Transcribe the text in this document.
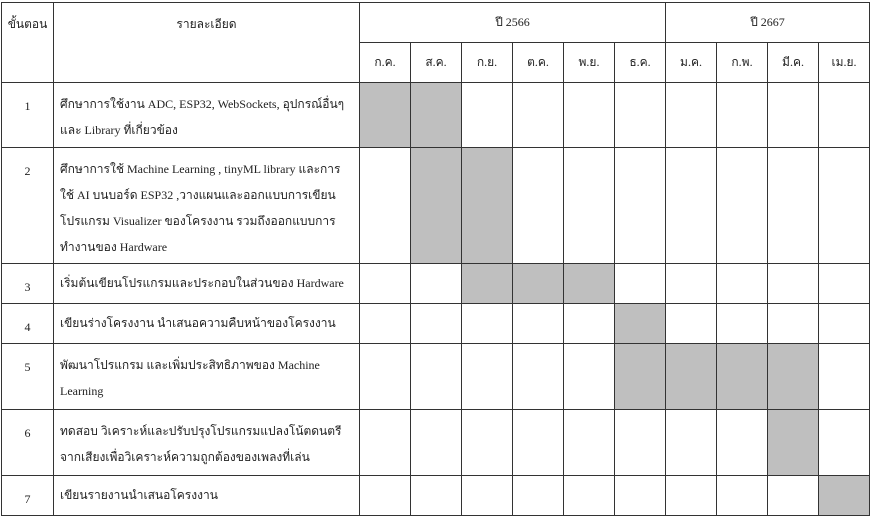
ขั้นตอน	รายละเอียด	ปี 2566						ปี 2667			
		ก.ค.	ส.ค.	ก.ย.	ต.ค.	พ.ย.	ธ.ค.	ม.ค.	ก.พ.	มี.ค.	เม.ย.
1	ศึกษาการใช้งาน ADC, ESP32, WebSockets, อุปกรณ์อื่นๆ และ Library ที่เกี่ยวข้อง										
2	ศึกษาการใช้ Machine Learning , tinyML library และการใช้ AI บนบอร์ด ESP32 ,วางแผนและออกแบบการเขียนโปรแกรม Visualizer ของโครงงาน รวมถึงออกแบบการทำงานของ Hardware										
3	เริ่มต้นเขียนโปรแกรมและประกอบในส่วนของ Hardware										
4	เขียนร่างโครงงาน นำเสนอความคืบหน้าของโครงงาน										
5	พัฒนาโปรแกรม และเพิ่มประสิทธิภาพของ Machine Learning										
6	ทดสอบ วิเคราะห์และปรับปรุงโปรแกรมแปลงโน้ตดนตรีจากเสียงเพื่อวิเคราะห์ความถูกต้องของเพลงที่เล่น										
7	เขียนรายงานนำเสนอโครงงาน										
